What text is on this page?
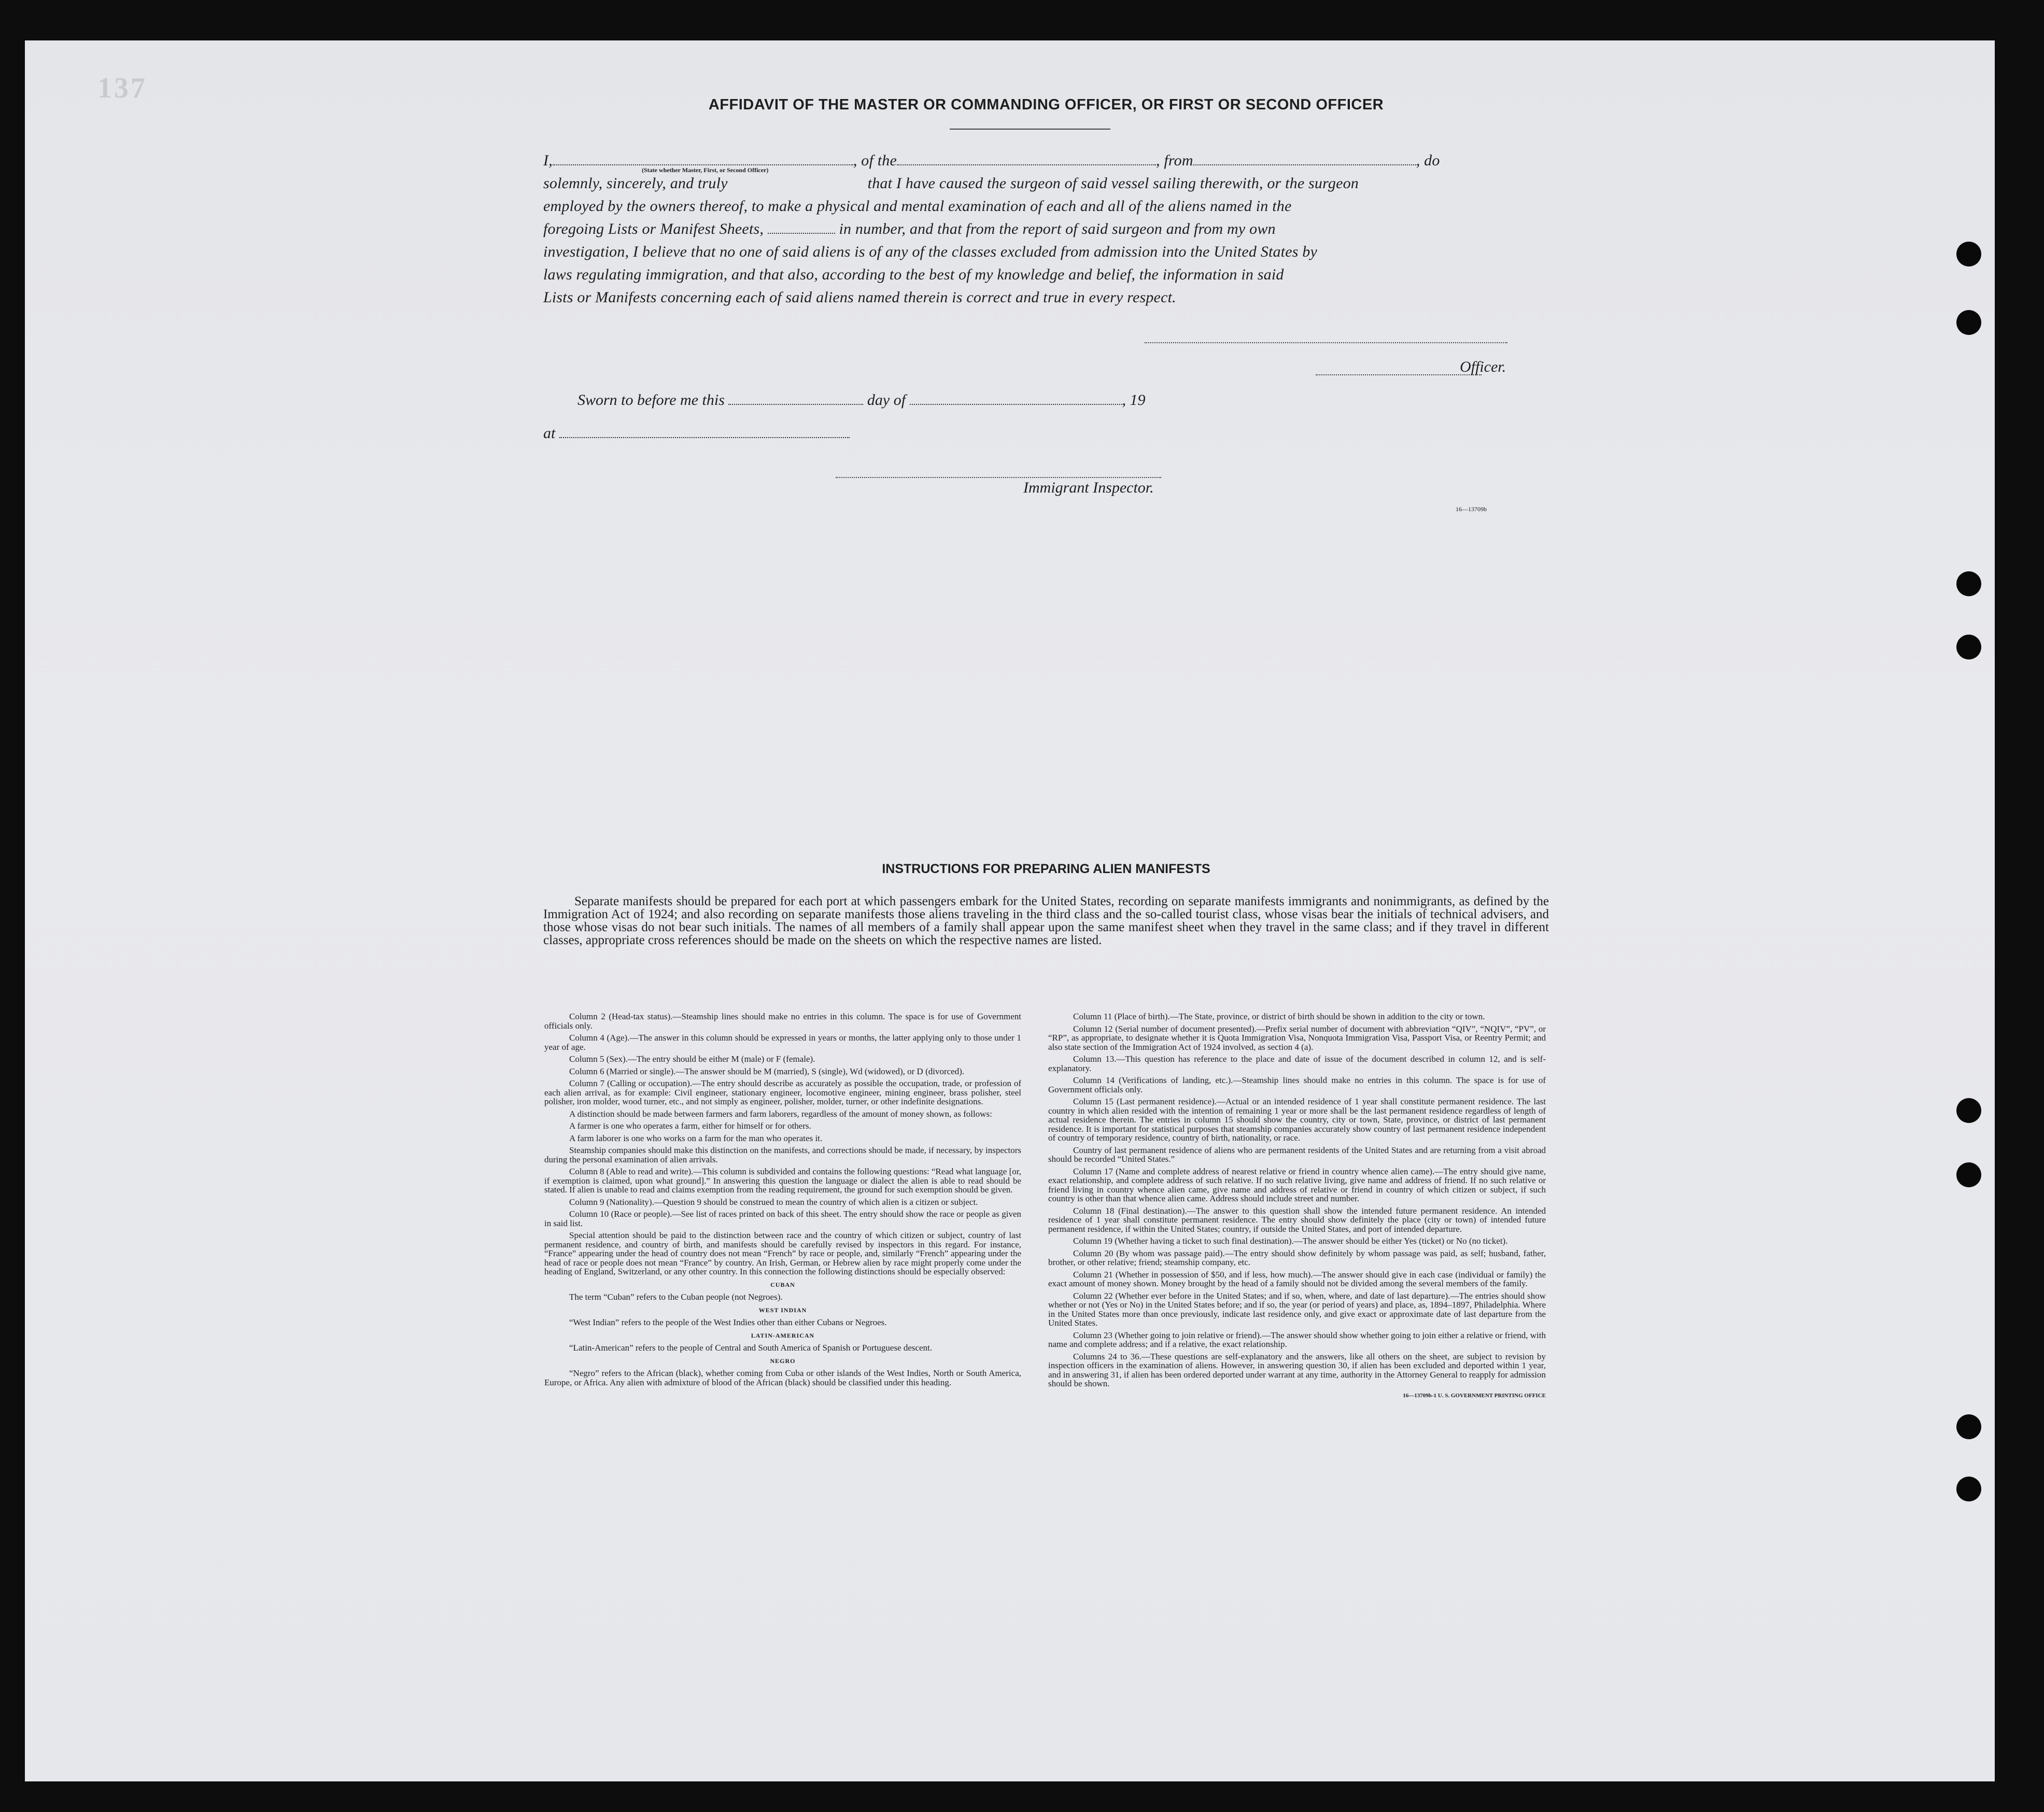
137
AFFIDAVIT OF THE MASTER OR COMMANDING OFFICER, OR FIRST OR SECOND OFFICER
I,	, of the	, from	, do
(State whether Master, First, or Second Officer)
solemnly, sincerely, and truly	that I have caused the surgeon of said vessel sailing therewith, or the surgeon
employed by the owners thereof, to make a physical and mental examination of each and all of the aliens named in the
foregoing Lists or Manifest Sheets,	in number, and that from the report of said surgeon and from my own
investigation, I believe that no one of said aliens is of any of the classes excluded from admission into the United States by
laws regulating immigration, and that also, according to the best of my knowledge and belief, the information in said
Lists or Manifests concerning each of said aliens named therein is correct and true in every respect.
Officer.
Sworn to before me this	day of	, 19
at
Immigrant Inspector.
16—13709b
INSTRUCTIONS FOR PREPARING ALIEN MANIFESTS
Separate manifests should be prepared for each port at which passengers embark for the United States, recording on separate manifests immigrants and nonimmigrants, as defined by the Immigration Act of 1924; and also recording on separate manifests those aliens traveling in the third class and the so-called tourist class, whose visas bear the initials of technical advisers, and those whose visas do not bear such initials. The names of all members of a family shall appear upon the same manifest sheet when they travel in the same class; and if they travel in different classes, appropriate cross references should be made on the sheets on which the respective names are listed.

Column 2 (Head-tax status).—Steamship lines should make no entries in this column. The space is for use of Government officials only.

Column 4 (Age).—The answer in this column should be expressed in years or months, the latter applying only to those under 1 year of age.

Column 5 (Sex).—The entry should be either M (male) or F (female).

Column 6 (Married or single).—The answer should be M (married), S (single), Wd (widowed), or D (divorced).

Column 7 (Calling or occupation).—The entry should describe as accurately as possible the occupation, trade, or profession of each alien arrival, as for example: Civil engineer, stationary engineer, locomotive engineer, mining engineer, brass polisher, steel polisher, iron molder, wood turner, etc., and not simply as engineer, polisher, molder, turner, or other indefinite designations.

A distinction should be made between farmers and farm laborers, regardless of the amount of money shown, as follows:

A farmer is one who operates a farm, either for himself or for others.

A farm laborer is one who works on a farm for the man who operates it.

Steamship companies should make this distinction on the manifests, and corrections should be made, if necessary, by inspectors during the personal examination of alien arrivals.

Column 8 (Able to read and write).—This column is subdivided and contains the following questions: “Read what language [or, if exemption is claimed, upon what ground].” In answering this question the language or dialect the alien is able to read should be stated. If alien is unable to read and claims exemption from the reading requirement, the ground for such exemption should be given.

Column 9 (Nationality).—Question 9 should be construed to mean the country of which alien is a citizen or subject.

Column 10 (Race or people).—See list of races printed on back of this sheet. The entry should show the race or people as given in said list.

Special attention should be paid to the distinction between race and the country of which citizen or subject, country of last permanent residence, and country of birth, and manifests should be carefully revised by inspectors in this regard. For instance, “France” appearing under the head of country does not mean “French” by race or people, and, similarly “French” appearing under the head of race or people does not mean “France” by country. An Irish, German, or Hebrew alien by race might properly come under the heading of England, Switzerland, or any other country. In this connection the following distinctions should be especially observed:

CUBAN

The term “Cuban” refers to the Cuban people (not Negroes).

WEST INDIAN

“West Indian” refers to the people of the West Indies other than either Cubans or Negroes.

LATIN-AMERICAN

“Latin-American” refers to the people of Central and South America of Spanish or Portuguese descent.

NEGRO

“Negro” refers to the African (black), whether coming from Cuba or other islands of the West Indies, North or South America, Europe, or Africa. Any alien with admixture of blood of the African (black) should be classified under this heading.

Column 11 (Place of birth).—The State, province, or district of birth should be shown in addition to the city or town.

Column 12 (Serial number of document presented).—Prefix serial number of document with abbreviation “QIV”, “NQIV”, “PV”, or “RP”, as appropriate, to designate whether it is Quota Immigration Visa, Nonquota Immigration Visa, Passport Visa, or Reentry Permit; and also state section of the Immigration Act of 1924 involved, as section 4 (a).

Column 13.—This question has reference to the place and date of issue of the document described in column 12, and is self-explanatory.

Column 14 (Verifications of landing, etc.).—Steamship lines should make no entries in this column. The space is for use of Government officials only.

Column 15 (Last permanent residence).—Actual or an intended residence of 1 year shall constitute permanent residence. The last country in which alien resided with the intention of remaining 1 year or more shall be the last permanent residence regardless of length of actual residence therein. The entries in column 15 should show the country, city or town, State, province, or district of last permanent residence. It is important for statistical purposes that steamship companies accurately show country of last permanent residence independent of country of temporary residence, country of birth, nationality, or race.

Country of last permanent residence of aliens who are permanent residents of the United States and are returning from a visit abroad should be recorded “United States.”

Column 17 (Name and complete address of nearest relative or friend in country whence alien came).—The entry should give name, exact relationship, and complete address of such relative. If no such relative living, give name and address of friend. If no such relative or friend living in country whence alien came, give name and address of relative or friend in country of which citizen or subject, if such country is other than that whence alien came. Address should include street and number.

Column 18 (Final destination).—The answer to this question shall show the intended future permanent residence. An intended residence of 1 year shall constitute permanent residence. The entry should show definitely the place (city or town) of intended future permanent residence, if within the United States; country, if outside the United States, and port of intended departure.

Column 19 (Whether having a ticket to such final destination).—The answer should be either Yes (ticket) or No (no ticket).

Column 20 (By whom was passage paid).—The entry should show definitely by whom passage was paid, as self; husband, father, brother, or other relative; friend; steamship company, etc.

Column 21 (Whether in possession of $50, and if less, how much).—The answer should give in each case (individual or family) the exact amount of money shown. Money brought by the head of a family should not be divided among the several members of the family.

Column 22 (Whether ever before in the United States; and if so, when, where, and date of last departure).—The entries should show whether or not (Yes or No) in the United States before; and if so, the year (or period of years) and place, as, 1894–1897, Philadelphia. Where in the United States more than once previously, indicate last residence only, and give exact or approximate date of last departure from the United States.

Column 23 (Whether going to join relative or friend).—The answer should show whether going to join either a relative or friend, with name and complete address; and if a relative, the exact relationship.

Columns 24 to 36.—These questions are self-explanatory and the answers, like all others on the sheet, are subject to revision by inspection officers in the examination of aliens. However, in answering question 30, if alien has been excluded and deported within 1 year, and in answering 31, if alien has been ordered deported under warrant at any time, authority in the Attorney General to reapply for admission should be shown.

16—13709b-1 U. S. GOVERNMENT PRINTING OFFICE
